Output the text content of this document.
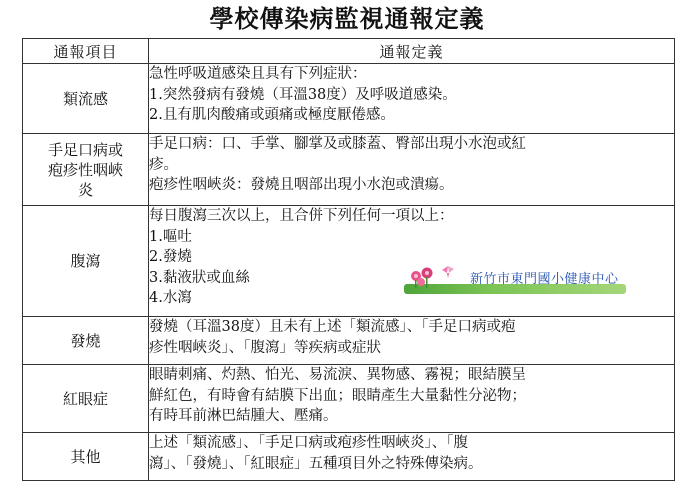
學校傳染病監視通報定義
通報項目	通報定義

類流感	急性呼吸道感染且具有下列症狀：
1.突然發病有發燒（耳溫38度）及呼吸道感染。
2.且有肌肉酸痛或頭痛或極度厭倦感。

手足口病或
疱疹性咽峽
炎	手足口病：口、手掌、腳掌及或膝蓋、臀部出現小水泡或紅
疹。
疱疹性咽峽炎：發燒且咽部出現小水泡或潰瘍。

腹瀉	每日腹瀉三次以上，且合併下列任何一項以上：
1.嘔吐
2.發燒
3.黏液狀或血絲
4.水瀉

發燒	發燒（耳溫38度）且未有上述「類流感」、「手足口病或疱
疹性咽峽炎」、「腹瀉」等疾病或症狀

紅眼症	眼睛刺痛、灼熱、怕光、易流淚、異物感、霧視；眼結膜呈
鮮紅色，有時會有結膜下出血；眼睛產生大量黏性分泌物；
有時耳前淋巴結腫大、壓痛。

其他	上述「類流感」、「手足口病或疱疹性咽峽炎」、「腹
瀉」、「發燒」、「紅眼症」五種項目外之特殊傳染病。
新竹市東門國小健康中心
